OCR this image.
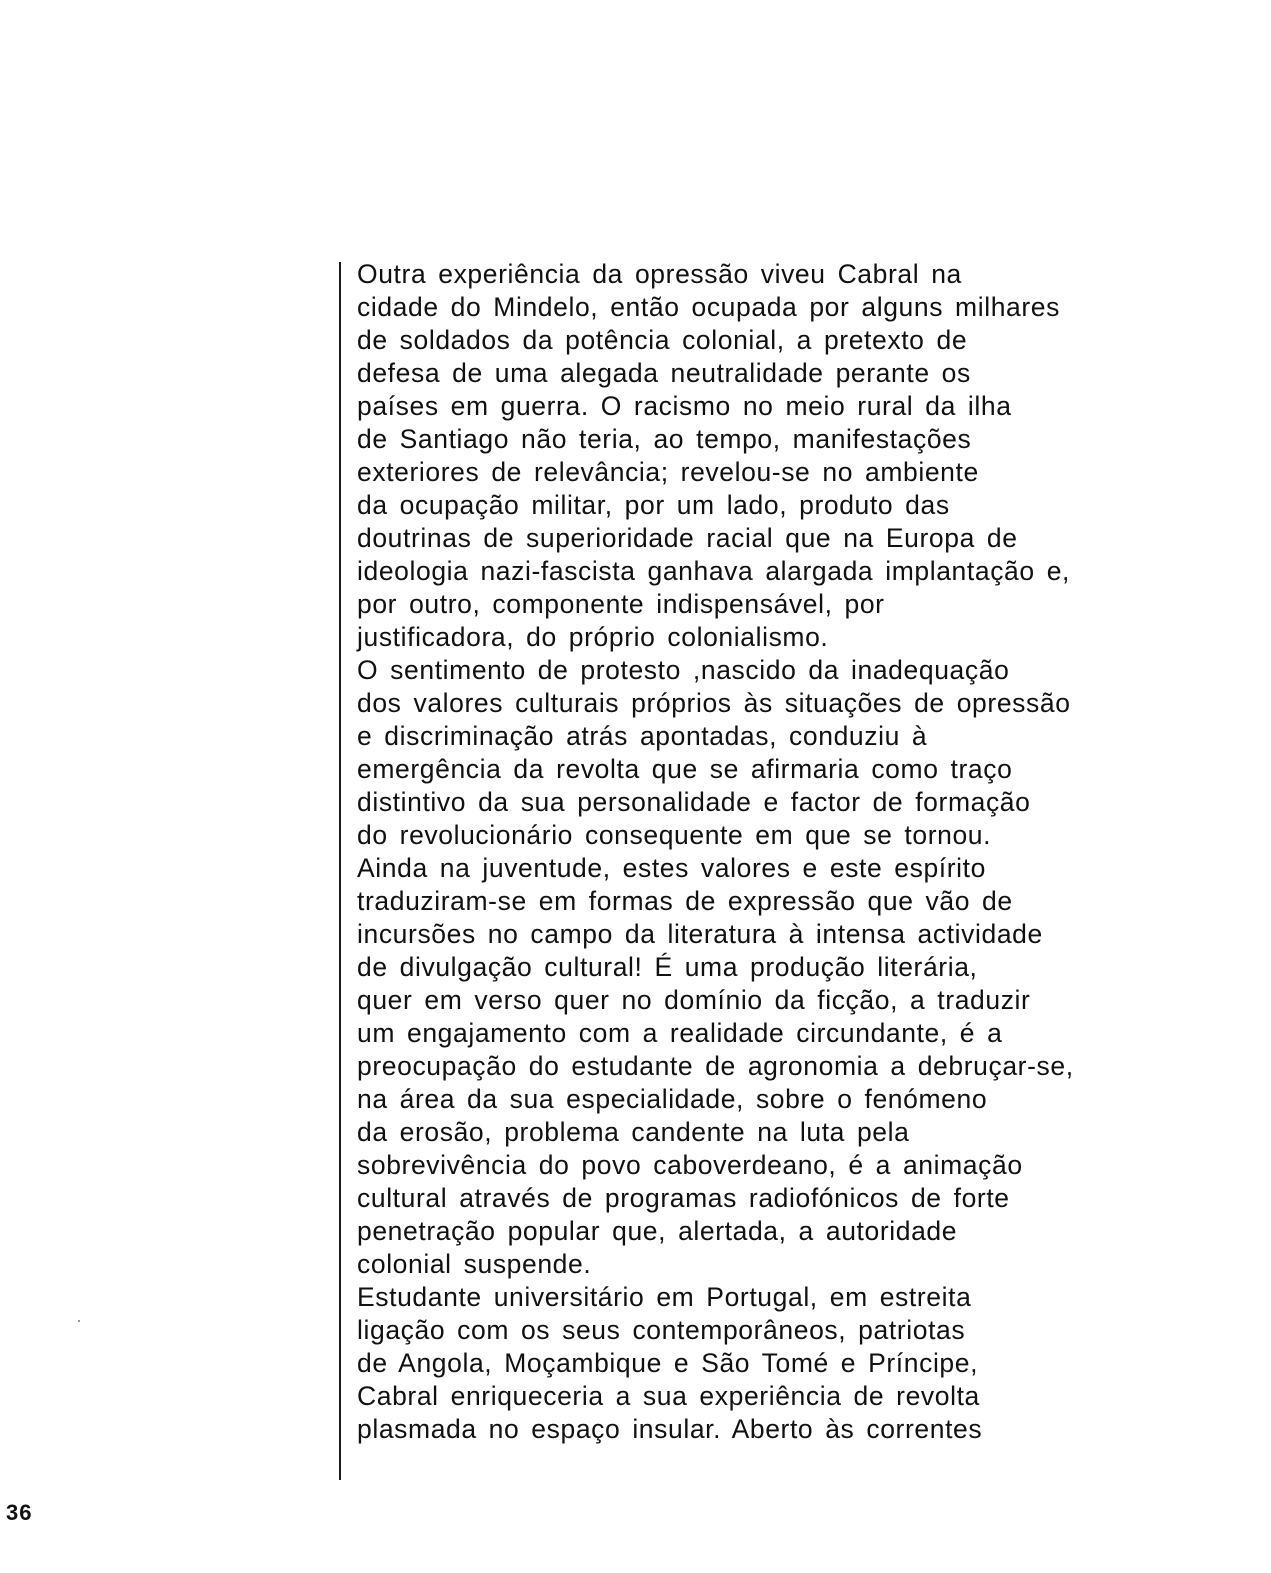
Outra experiência da opressão viveu Cabral na
cidade do Mindelo, então ocupada por alguns milhares
de soldados da potência colonial, a pretexto de
defesa de uma alegada neutralidade perante os
países em guerra. O racismo no meio rural da ilha
de Santiago não teria, ao tempo, manifestações
exteriores de relevância; revelou-se no ambiente
da ocupação militar, por um lado, produto das
doutrinas de superioridade racial que na Europa de
ideologia nazi-fascista ganhava alargada implantação e,
por outro, componente indispensável, por
justificadora, do próprio colonialismo.
O sentimento de protesto ,nascido da inadequação
dos valores culturais próprios às situações de opressão
e discriminação atrás apontadas, conduziu à
emergência da revolta que se afirmaria como traço
distintivo da sua personalidade e factor de formação
do revolucionário consequente em que se tornou.
Ainda na juventude, estes valores e este espírito
traduziram-se em formas de expressão que vão de
incursões no campo da literatura à intensa actividade
de divulgação cultural! É uma produção literária,
quer em verso quer no domínio da ficção, a traduzir
um engajamento com a realidade circundante, é a
preocupação do estudante de agronomia a debruçar-se,
na área da sua especialidade, sobre o fenómeno
da erosão, problema candente na luta pela
sobrevivência do povo caboverdeano, é a animação
cultural através de programas radiofónicos de forte
penetração popular que, alertada, a autoridade
colonial suspende.
Estudante universitário em Portugal, em estreita
ligação com os seus contemporâneos, patriotas
de Angola, Moçambique e São Tomé e Príncipe,
Cabral enriqueceria a sua experiência de revolta
plasmada no espaço insular. Aberto às correntes
36
